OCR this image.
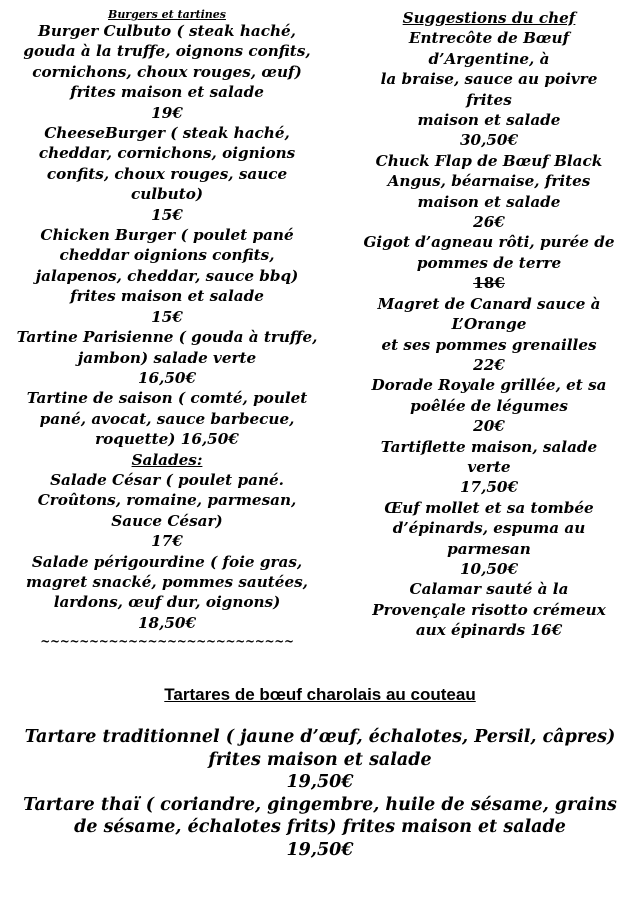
Burgers et tartines
Burger Culbuto ( steak haché,
gouda à la truffe, oignons confits,
cornichons, choux rouges, œuf)
frites maison et salade
19€
CheeseBurger ( steak haché,
cheddar, cornichons, oignions
confits, choux rouges, sauce
culbuto)
15€
Chicken Burger ( poulet pané
cheddar oignions confits,
jalapenos, cheddar, sauce bbq)
frites maison et salade
15€
Tartine Parisienne ( gouda à truffe,
jambon) salade verte
16,50€
Tartine de saison ( comté, poulet
pané, avocat, sauce barbecue,
roquette) 16,50€
Salades:
Salade César ( poulet pané.
Croûtons, romaine, parmesan,
Sauce César)
17€
Salade périgourdine ( foie gras,
magret snacké, pommes sautées,
lardons, œuf dur, oignons)
18,50€
~~~~~~~~~~~~~~~~~~~~~~~~~~
Suggestions du chef
Entrecôte de Bœuf
d’Argentine, à
la braise, sauce au poivre
frites
maison et salade
30,50€
Chuck Flap de Bœuf Black
Angus, béarnaise, frites
maison et salade
26€
Gigot d’agneau rôti, purée de
pommes de terre
18€
Magret de Canard sauce à
L’Orange
et ses pommes grenailles
22€
Dorade Royale grillée, et sa
poêlée de légumes
20€
Tartiflette maison, salade
verte
17,50€
Œuf mollet et sa tombée
d’épinards, espuma au
parmesan
10,50€
Calamar sauté à la
Provençale risotto crémeux
aux épinards 16€
Tartares de bœuf charolais au couteau
Tartare traditionnel ( jaune d’œuf, échalotes, Persil, câpres)
frites maison et salade
19,50€
Tartare thaï ( coriandre, gingembre, huile de sésame, grains
de sésame, échalotes frits) frites maison et salade
19,50€
